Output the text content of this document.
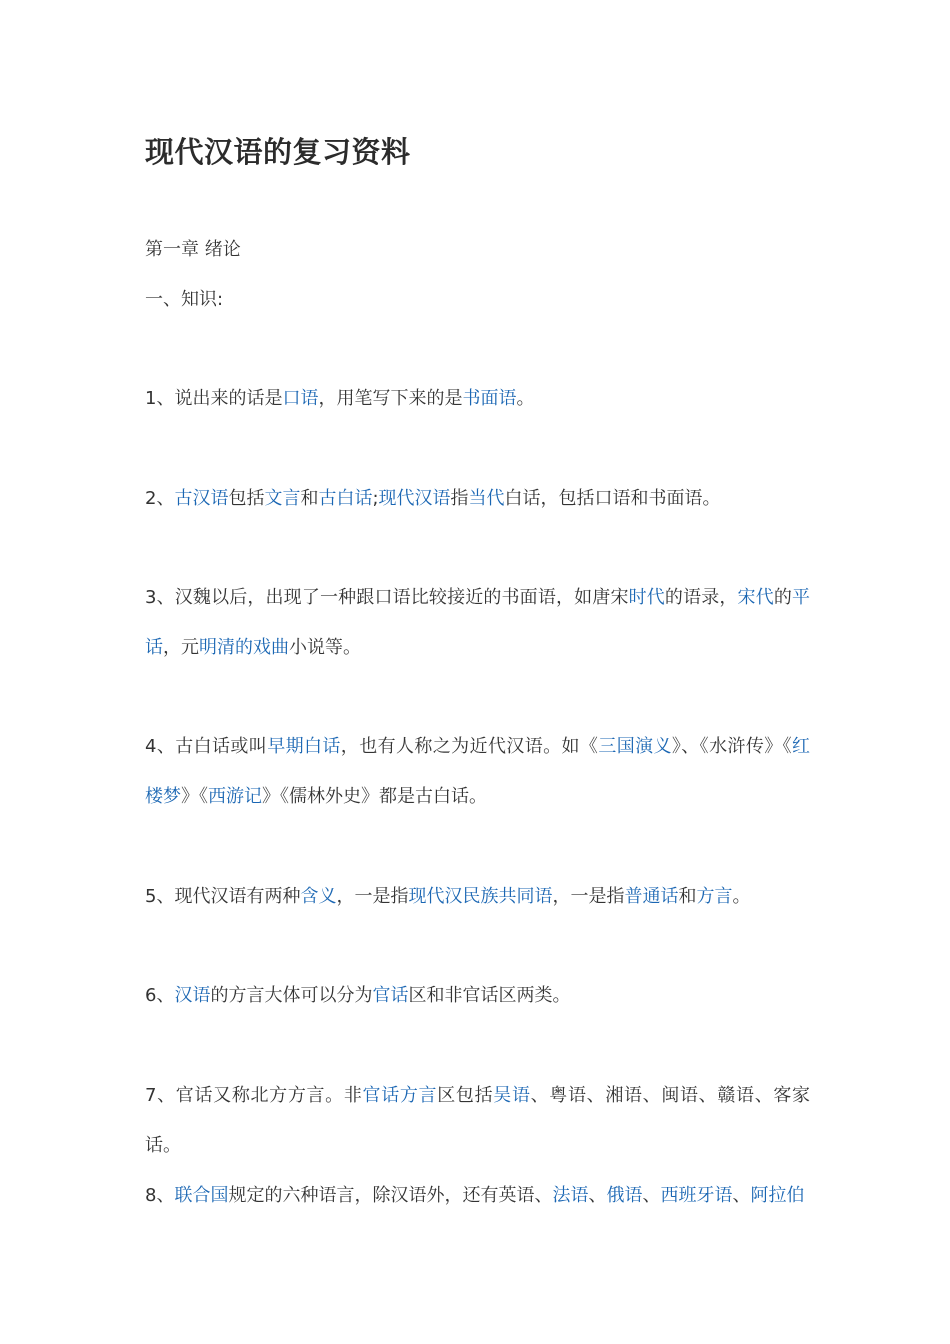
现代汉语的复习资料
第一章 绪论
一、知识:
1、说出来的话是口语，用笔写下来的是书面语。
2、古汉语包括文言和古白话;现代汉语指当代白话，包括口语和书面语。
3、汉魏以后，出现了一种跟口语比较接近的书面语，如唐宋时代的语录，宋代的平话，元明清的戏曲小说等。
4、古白话或叫早期白话，也有人称之为近代汉语。如《三国演义》、《水浒传》《红楼梦》《西游记》《儒林外史》都是古白话。
5、现代汉语有两种含义，一是指现代汉民族共同语，一是指普通话和方言。
6、汉语的方言大体可以分为官话区和非官话区两类。
7、官话又称北方方言。非官话方言区包括吴语、粤语、湘语、闽语、赣语、客家话。
8、联合国规定的六种语言，除汉语外，还有英语、法语、俄语、西班牙语、阿拉伯
